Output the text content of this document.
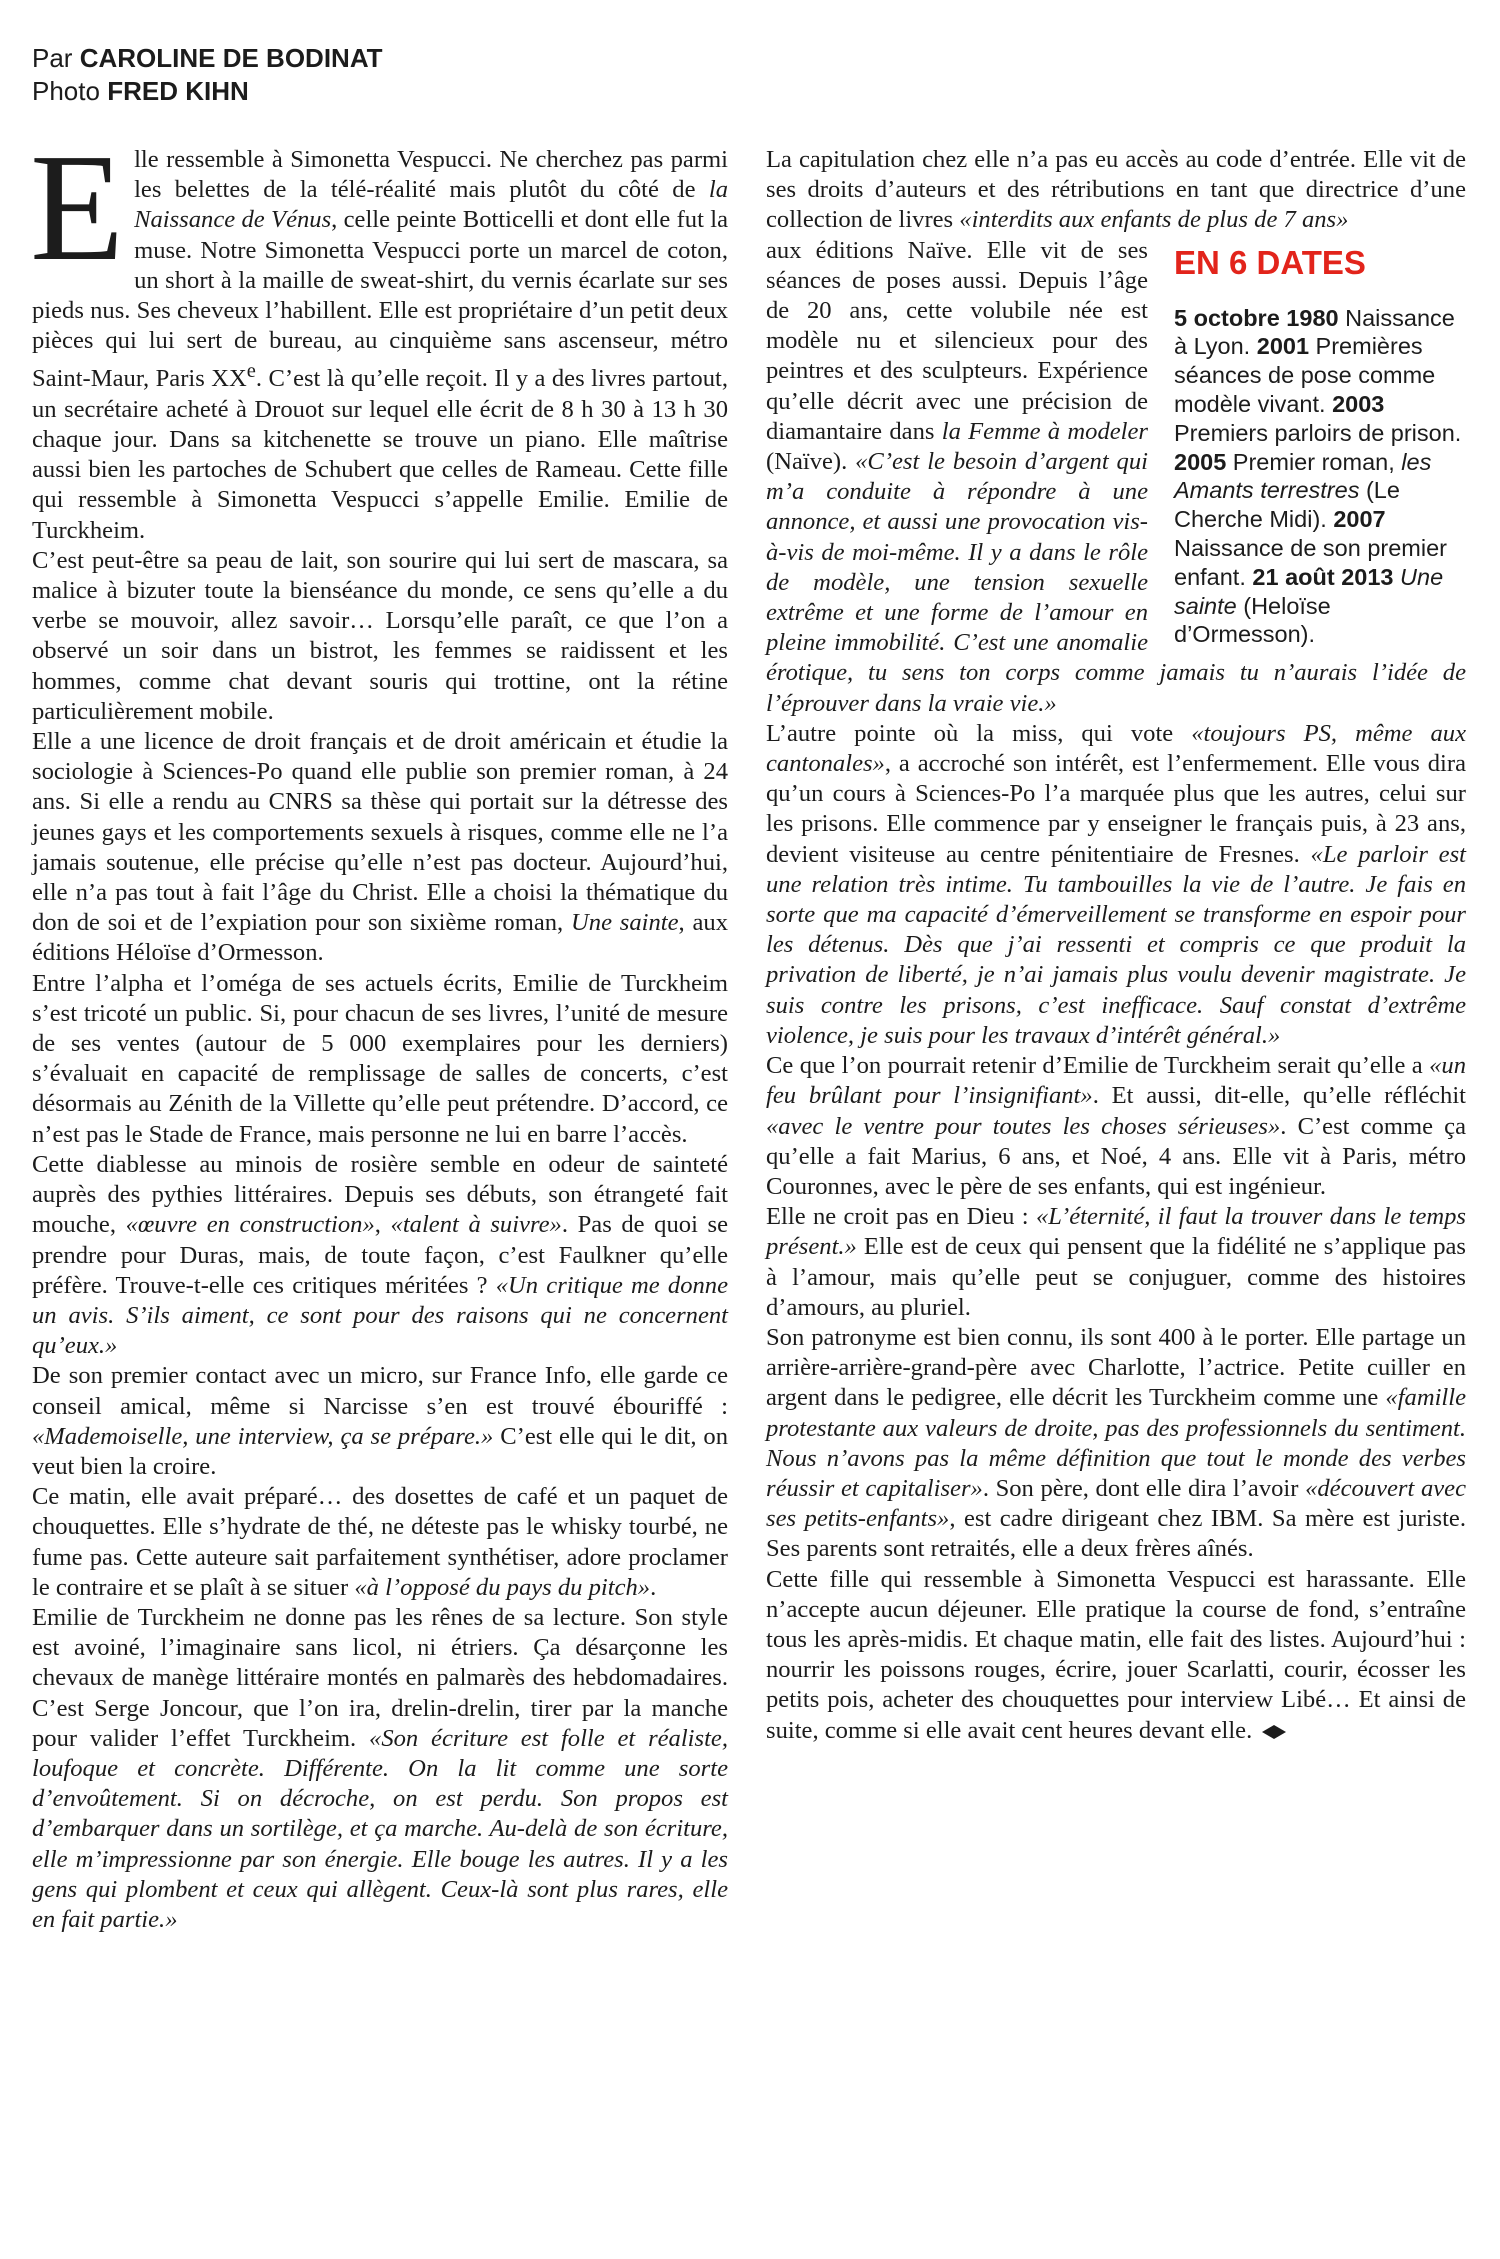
Par CAROLINE DE BODINAT
Photo FRED KIHN

Elle ressemble à Simonetta Vespucci. Ne cherchez pas parmi les belettes de la télé-réalité mais plutôt du côté de la Naissance de Vénus, celle peinte Botticelli et dont elle fut la muse. Notre Simonetta Vespucci porte un marcel de coton, un short à la maille de sweat-shirt, du vernis écarlate sur ses pieds nus. Ses cheveux l’habillent. Elle est propriétaire d’un petit deux pièces qui lui sert de bureau, au cinquième sans ascenseur, métro Saint-Maur, Paris XXe. C’est là qu’elle reçoit. Il y a des livres partout, un secrétaire acheté à Drouot sur lequel elle écrit de 8 h 30 à 13 h 30 chaque jour. Dans sa kitchenette se trouve un piano. Elle maîtrise aussi bien les partoches de Schubert que celles de Rameau. Cette fille qui ressemble à Simonetta Vespucci s’appelle Emilie. Emilie de Turckheim.

C’est peut-être sa peau de lait, son sourire qui lui sert de mascara, sa malice à bizuter toute la bienséance du monde, ce sens qu’elle a du verbe se mouvoir, allez savoir… Lorsqu’elle paraît, ce que l’on a observé un soir dans un bistrot, les femmes se raidissent et les hommes, comme chat devant souris qui trottine, ont la rétine particulièrement mobile.

Elle a une licence de droit français et de droit américain et étudie la sociologie à Sciences-Po quand elle publie son premier roman, à 24 ans. Si elle a rendu au CNRS sa thèse qui portait sur la détresse des jeunes gays et les comportements sexuels à risques, comme elle ne l’a jamais soutenue, elle précise qu’elle n’est pas docteur. Aujourd’hui, elle n’a pas tout à fait l’âge du Christ. Elle a choisi la thématique du don de soi et de l’expiation pour son sixième roman, Une sainte, aux éditions Héloïse d’Ormesson.

Entre l’alpha et l’oméga de ses actuels écrits, Emilie de Turckheim s’est tricoté un public. Si, pour chacun de ses livres, l’unité de mesure de ses ventes (autour de 5 000 exemplaires pour les derniers) s’évaluait en capacité de remplissage de salles de concerts, c’est désormais au Zénith de la Villette qu’elle peut prétendre. D’accord, ce n’est pas le Stade de France, mais personne ne lui en barre l’accès.

Cette diablesse au minois de rosière semble en odeur de sainteté auprès des pythies littéraires. Depuis ses débuts, son étrangeté fait mouche, «œuvre en construction», «talent à suivre». Pas de quoi se prendre pour Duras, mais, de toute façon, c’est Faulkner qu’elle préfère. Trouve-t-elle ces critiques méritées ? «Un critique me donne un avis. S’ils aiment, ce sont pour des raisons qui ne concernent qu’eux.»

De son premier contact avec un micro, sur France Info, elle garde ce conseil amical, même si Narcisse s’en est trouvé ébouriffé : «Mademoiselle, une interview, ça se prépare.» C’est elle qui le dit, on veut bien la croire.

Ce matin, elle avait préparé… des dosettes de café et un paquet de chouquettes. Elle s’hydrate de thé, ne déteste pas le whisky tourbé, ne fume pas. Cette auteure sait parfaitement synthétiser, adore proclamer le contraire et se plaît à se situer «à l’opposé du pays du pitch».

Emilie de Turckheim ne donne pas les rênes de sa lecture. Son style est avoiné, l’imaginaire sans licol, ni étriers. Ça désarçonne les chevaux de manège littéraire montés en palmarès des hebdomadaires. C’est Serge Joncour, que l’on ira, drelin-drelin, tirer par la manche pour valider l’effet Turckheim. «Son écriture est folle et réaliste, loufoque et concrète. Différente. On la lit comme une sorte d’envoûtement. Si on décroche, on est perdu. Son propos est d’embarquer dans un sortilège, et ça marche. Au-delà de son écriture, elle m’impressionne par son énergie. Elle bouge les autres. Il y a les gens qui plombent et ceux qui allègent. Ceux-là sont plus rares, elle en fait partie.»

La capitulation chez elle n’a pas eu accès au code d’entrée. Elle vit de ses droits d’auteurs et des rétributions en tant que directrice d’une collection de livres «interdits aux enfants de plus de 7 ans»

EN 6 DATES
5 octobre 1980 Naissance à Lyon. 2001 Premières séances de pose comme modèle vivant. 2003 Premiers parloirs de prison. 2005 Premier roman, les Amants terrestres (Le Cherche Midi). 2007 Naissance de son premier enfant. 21 août 2013 Une sainte (Heloïse d’Ormesson).
aux éditions Naïve. Elle vit de ses séances de poses aussi. Depuis l’âge de 20 ans, cette volubile née est modèle nu et silencieux pour des peintres et des sculpteurs. Expérience qu’elle décrit avec une précision de diamantaire dans la Femme à modeler (Naïve). «C’est le besoin d’argent qui m’a conduite à répondre à une annonce, et aussi une provocation vis-à-vis de moi-même. Il y a dans le rôle de modèle, une tension sexuelle extrême et une forme de l’amour en pleine immobilité. C’est une anomalie érotique, tu sens ton corps comme jamais tu n’aurais l’idée de l’éprouver dans la vraie vie.»

L’autre pointe où la miss, qui vote «toujours PS, même aux cantonales», a accroché son intérêt, est l’enfermement. Elle vous dira qu’un cours à Sciences-Po l’a marquée plus que les autres, celui sur les prisons. Elle commence par y enseigner le français puis, à 23 ans, devient visiteuse au centre pénitentiaire de Fresnes. «Le parloir est une relation très intime. Tu tambouilles la vie de l’autre. Je fais en sorte que ma capacité d’émerveillement se transforme en espoir pour les détenus. Dès que j’ai ressenti et compris ce que produit la privation de liberté, je n’ai jamais plus voulu devenir magistrate. Je suis contre les prisons, c’est inefficace. Sauf constat d’extrême violence, je suis pour les travaux d’intérêt général.»

Ce que l’on pourrait retenir d’Emilie de Turckheim serait qu’elle a «un feu brûlant pour l’insignifiant». Et aussi, dit-elle, qu’elle réfléchit «avec le ventre pour toutes les choses sérieuses». C’est comme ça qu’elle a fait Marius, 6 ans, et Noé, 4 ans. Elle vit à Paris, métro Couronnes, avec le père de ses enfants, qui est ingénieur.

Elle ne croit pas en Dieu : «L’éternité, il faut la trouver dans le temps présent.» Elle est de ceux qui pensent que la fidélité ne s’applique pas à l’amour, mais qu’elle peut se conjuguer, comme des histoires d’amours, au pluriel.

Son patronyme est bien connu, ils sont 400 à le porter. Elle partage un arrière-arrière-grand-père avec Charlotte, l’actrice. Petite cuiller en argent dans le pedigree, elle décrit les Turckheim comme une «famille protestante aux valeurs de droite, pas des professionnels du sentiment. Nous n’avons pas la même définition que tout le monde des verbes réussir et capitaliser». Son père, dont elle dira l’avoir «découvert avec ses petits-enfants», est cadre dirigeant chez IBM. Sa mère est juriste. Ses parents sont retraités, elle a deux frères aînés.

Cette fille qui ressemble à Simonetta Vespucci est harassante. Elle n’accepte aucun déjeuner. Elle pratique la course de fond, s’entraîne tous les après-midis. Et chaque matin, elle fait des listes. Aujourd’hui : nourrir les poissons rouges, écrire, jouer Scarlatti, courir, écosser les petits pois, acheter des chouquettes pour interview Libé… Et ainsi de suite, comme si elle avait cent heures devant elle.
